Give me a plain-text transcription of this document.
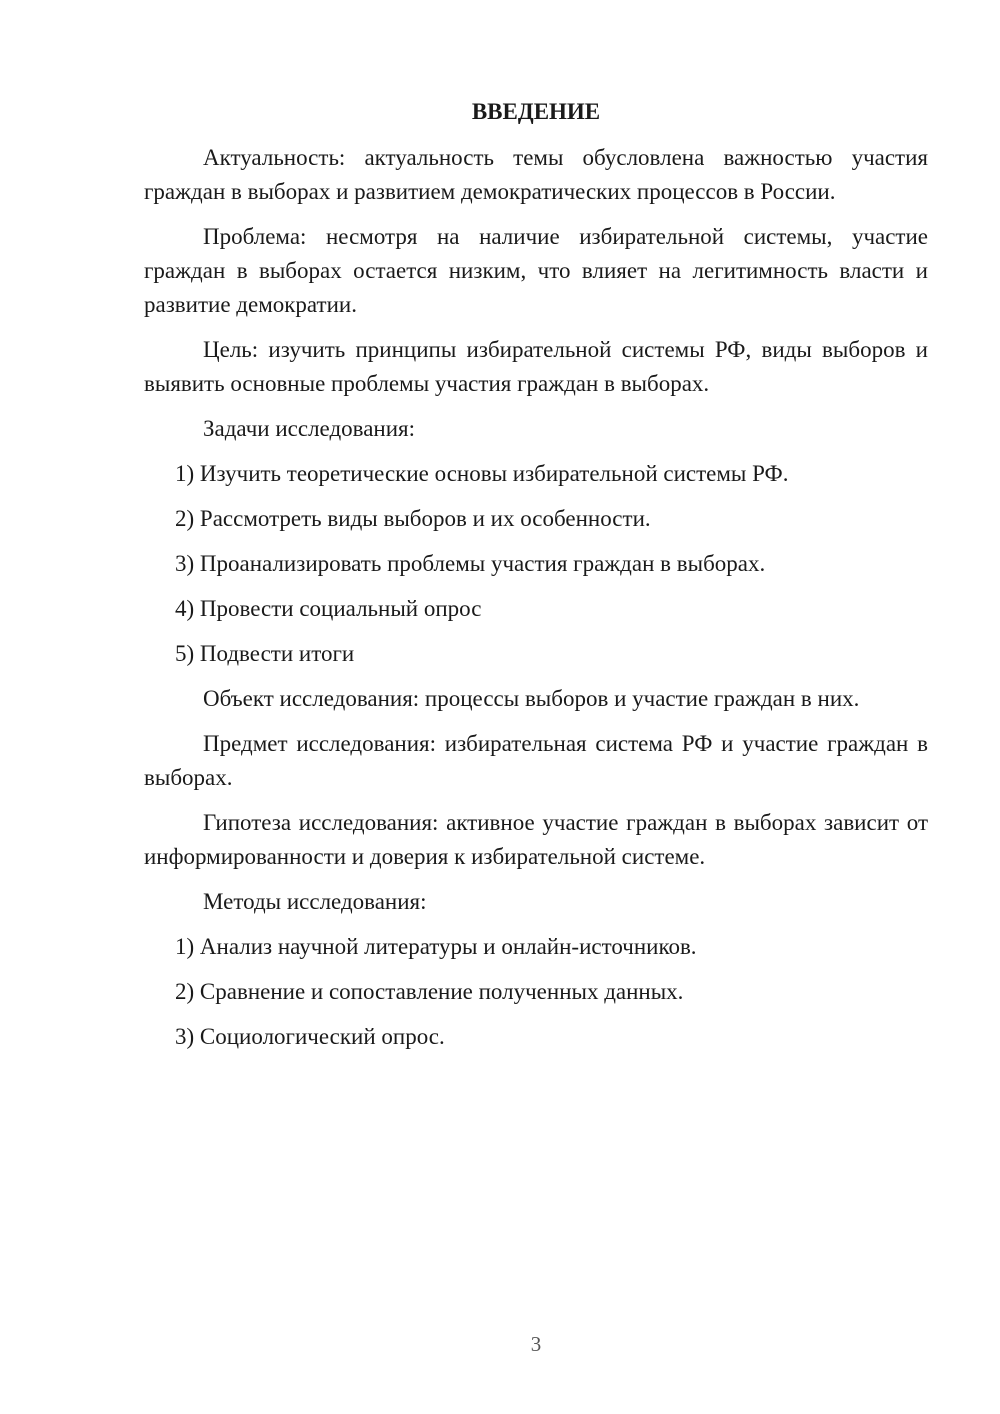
ВВЕДЕНИЕ

Актуальность: актуальность темы обусловлена важностью участия граждан в выборах и развитием демократических процессов в России.

Проблема: несмотря на наличие избирательной системы, участие граждан в выборах остается низким, что влияет на легитимность власти и развитие демократии.

Цель: изучить принципы избирательной системы РФ, виды выборов и выявить основные проблемы участия граждан в выборах.

Задачи исследования:

1) Изучить теоретические основы избирательной системы РФ.

2) Рассмотреть виды выборов и их особенности.

3) Проанализировать проблемы участия граждан в выборах.

4) Провести социальный опрос

5) Подвести итоги

Объект исследования: процессы выборов и участие граждан в них.

Предмет исследования: избирательная система РФ и участие граждан в выборах.

Гипотеза исследования: активное участие граждан в выборах зависит от информированности и доверия к избирательной системе.

Методы исследования:

1) Анализ научной литературы и онлайн-источников.

2) Сравнение и сопоставление полученных данных.

3) Социологический опрос.

3
